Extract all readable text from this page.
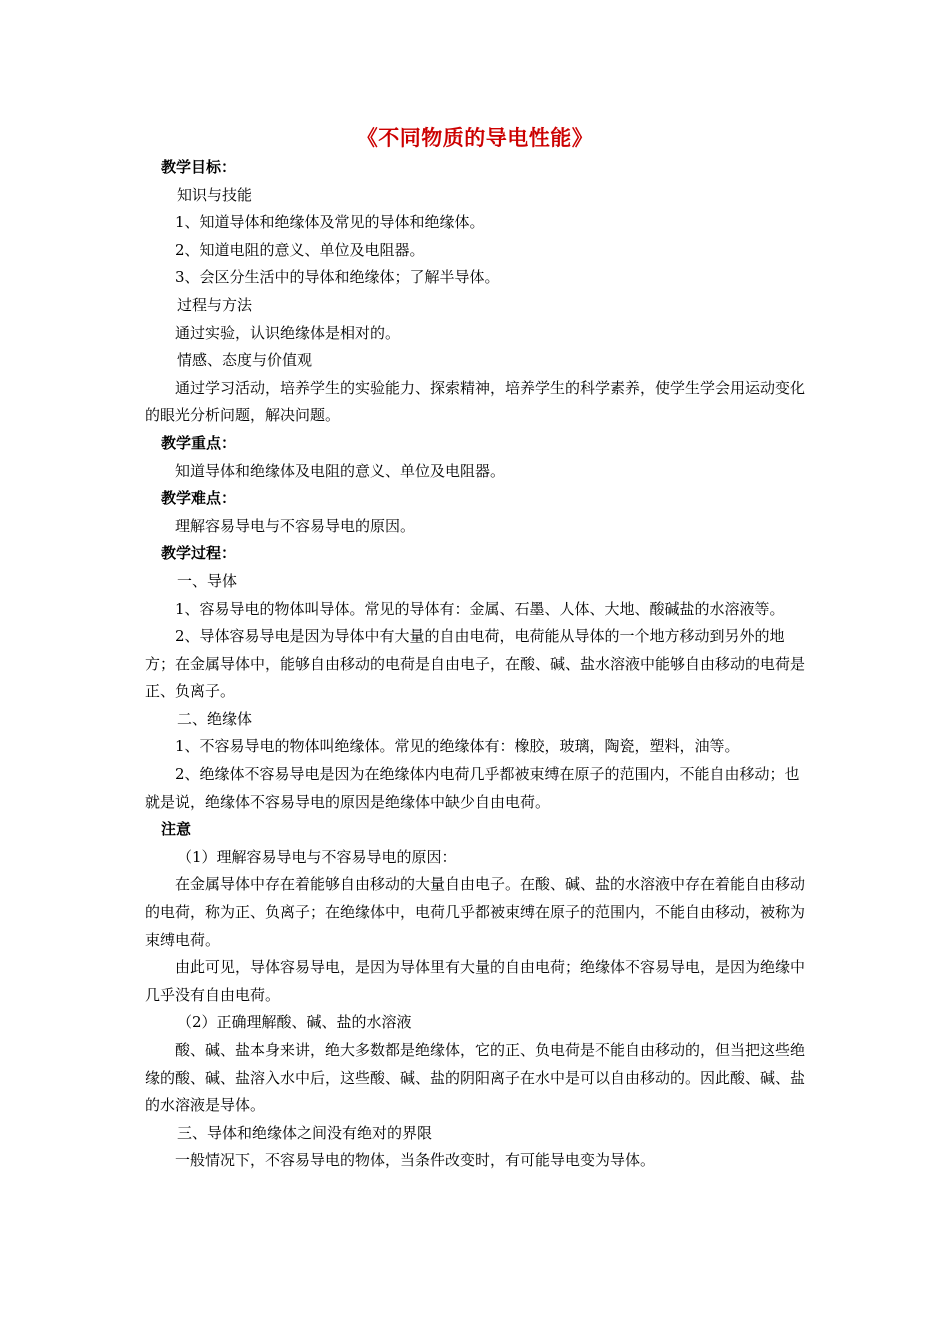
《不同物质的导电性能》

教学目标：

知识与技能

1、知道导体和绝缘体及常见的导体和绝缘体。

2、知道电阻的意义、单位及电阻器。

3、会区分生活中的导体和绝缘体；了解半导体。

过程与方法

通过实验，认识绝缘体是相对的。

情感、态度与价值观

通过学习活动，培养学生的实验能力、探索精神，培养学生的科学素养，使学生学会用运动变化的眼光分析问题，解决问题。

教学重点：

知道导体和绝缘体及电阻的意义、单位及电阻器。

教学难点：

理解容易导电与不容易导电的原因。

教学过程：

一、导体

1、容易导电的物体叫导体。常见的导体有：金属、石墨、人体、大地、酸碱盐的水溶液等。

2、导体容易导电是因为导体中有大量的自由电荷，电荷能从导体的一个地方移动到另外的地方；在金属导体中，能够自由移动的电荷是自由电子，在酸、碱、盐水溶液中能够自由移动的电荷是正、负离子。

二、绝缘体

1、不容易导电的物体叫绝缘体。常见的绝缘体有：橡胶，玻璃，陶瓷，塑料，油等。

2、绝缘体不容易导电是因为在绝缘体内电荷几乎都被束缚在原子的范围内，不能自由移动；也就是说，绝缘体不容易导电的原因是绝缘体中缺少自由电荷。

注意

（1）理解容易导电与不容易导电的原因：

在金属导体中存在着能够自由移动的大量自由电子。在酸、碱、盐的水溶液中存在着能自由移动的电荷，称为正、负离子；在绝缘体中，电荷几乎都被束缚在原子的范围内，不能自由移动，被称为束缚电荷。

由此可见，导体容易导电，是因为导体里有大量的自由电荷；绝缘体不容易导电，是因为绝缘中几乎没有自由电荷。

（2）正确理解酸、碱、盐的水溶液

酸、碱、盐本身来讲，绝大多数都是绝缘体，它的正、负电荷是不能自由移动的，但当把这些绝缘的酸、碱、盐溶入水中后，这些酸、碱、盐的阴阳离子在水中是可以自由移动的。因此酸、碱、盐的水溶液是导体。

三、导体和绝缘体之间没有绝对的界限

一般情况下，不容易导电的物体，当条件改变时，有可能导电变为导体。
